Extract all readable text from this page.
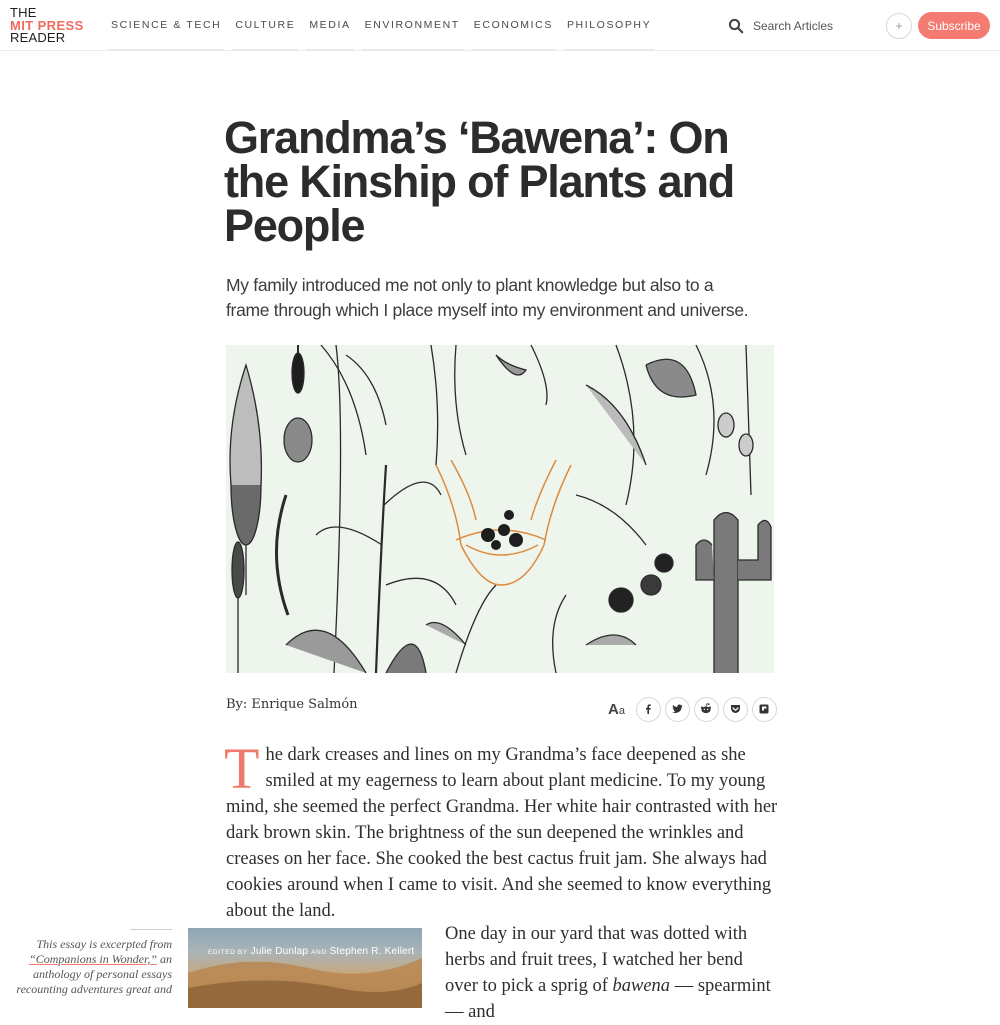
THE
MIT PRESS
READER
SCIENCE & TECH	CULTURE	MEDIA	ENVIRONMENT	ECONOMICS	PHILOSOPHY
Search Articles	+	Subscribe
Grandma’s ‘Bawena’: On the Kinship of Plants and People

My family introduced me not only to plant knowledge but also to a frame through which I place myself into my environment and universe.

By: Enrique Salmón	Aa
The dark creases and lines on my Grandma’s face deepened as she smiled at my eagerness to learn about plant medicine. To my young mind, she seemed the perfect Grandma. Her white hair contrasted with her dark brown skin. The brightness of the sun deepened the wrinkles and creases on her face. She cooked the best cactus fruit jam. She always had cookies around when I came to visit. And she seemed to know everything about the land.
This essay is excerpted from “Companions in Wonder,” an anthology of personal essays recounting adventures great and
EDITED BY Julie Dunlap AND Stephen R. Kellert
One day in our yard that was dotted with herbs and fruit trees, I watched her bend over to pick a sprig of bawena — spearmint — and
